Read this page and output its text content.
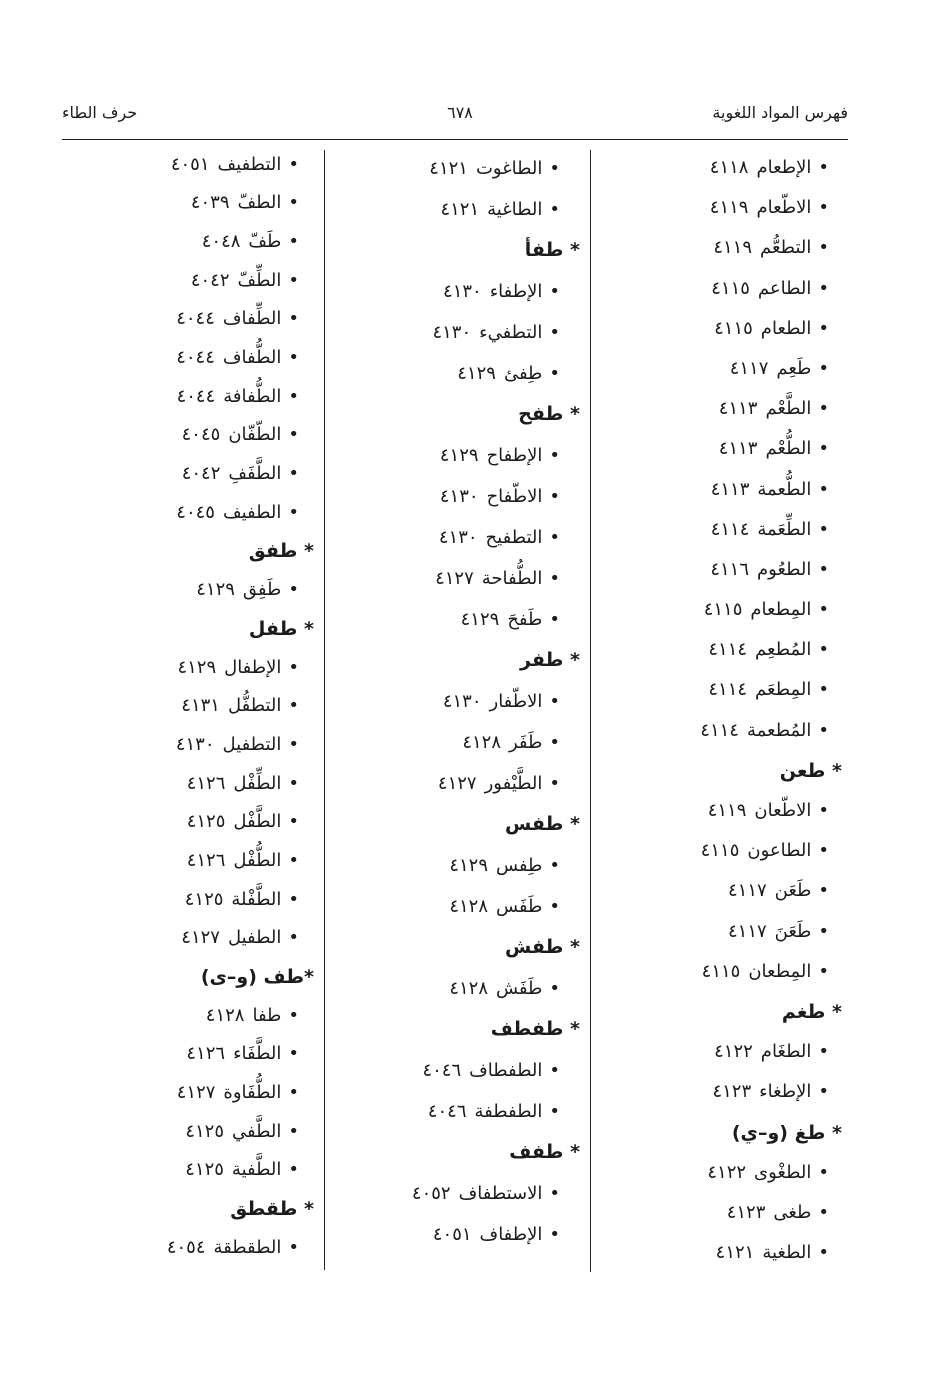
فهرس المواد اللغوية
٦٧٨
حرف الطاء
•الإطعام٤١١٨
•الاطّعام٤١١٩
•التطعُّم٤١١٩
•الطاعم٤١١٥
•الطعام٤١١٥
•طَعِم٤١١٧
•الطَّعْم٤١١٣
•الطُّعْم٤١١٣
•الطُّعمة٤١١٣
•الطِّعَمة٤١١٤
•الطعُوم٤١١٦
•المِطعام٤١١٥
•المُطعِم٤١١٤
•المِطعَم٤١١٤
•المُطعمة٤١١٤
* طعن
•الاطّعان٤١١٩
•الطاعون٤١١٥
•طَعَن٤١١٧
•طَعَنَ٤١١٧
•المِطعان٤١١٥
* طغم
•الطغَام٤١٢٢
•الإطغاء٤١٢٣
* طغ (و–ي)
•الطغْوى٤١٢٢
•طغى٤١٢٣
•الطغية٤١٢١
•الطاغوت٤١٢١
•الطاغية٤١٢١
* طفأ
•الإطفاء٤١٣٠
•التطفيء٤١٣٠
•طِفئ٤١٢٩
* طفح
•الإطفاح٤١٢٩
•الاطّفاح٤١٣٠
•التطفيح٤١٣٠
•الطُّفاحة٤١٢٧
•طَفحَ٤١٢٩
* طفر
•الاطّفار٤١٣٠
•طَفَر٤١٢٨
•الطَّيْفور٤١٢٧
* طفس
•طِفس٤١٢٩
•طَفَس٤١٢٨
* طفش
•طَفَش٤١٢٨
* طفطف
•الطفطاف٤٠٤٦
•الطفطفة٤٠٤٦
* طفف
•الاستطفاف٤٠٥٢
•الإطفاف٤٠٥١
•التطفيف٤٠٥١
•الطفّ٤٠٣٩
•طَفّ٤٠٤٨
•الطِّفّ٤٠٤٢
•الطِّفاف٤٠٤٤
•الطُّفاف٤٠٤٤
•الطُّفافة٤٠٤٤
•الطّفّان٤٠٤٥
•الطَّفَفِ٤٠٤٢
•الطفيف٤٠٤٥
* طفق
•طَفِق٤١٢٩
* طفل
•الإطفال٤١٢٩
•التطفُّل٤١٣١
•التطفيل٤١٣٠
•الطِّفْل٤١٢٦
•الطَّفْل٤١٢٥
•الطُّفْل٤١٢٦
•الطَّفْلة٤١٢٥
•الطفيل٤١٢٧
*طف (و–ى)
•طفا٤١٢٨
•الطَّفَاء٤١٢٦
•الطُّفَاوة٤١٢٧
•الطَّفي٤١٢٥
•الطَّفية٤١٢٥
* طقطق
•الطقطقة٤٠٥٤
